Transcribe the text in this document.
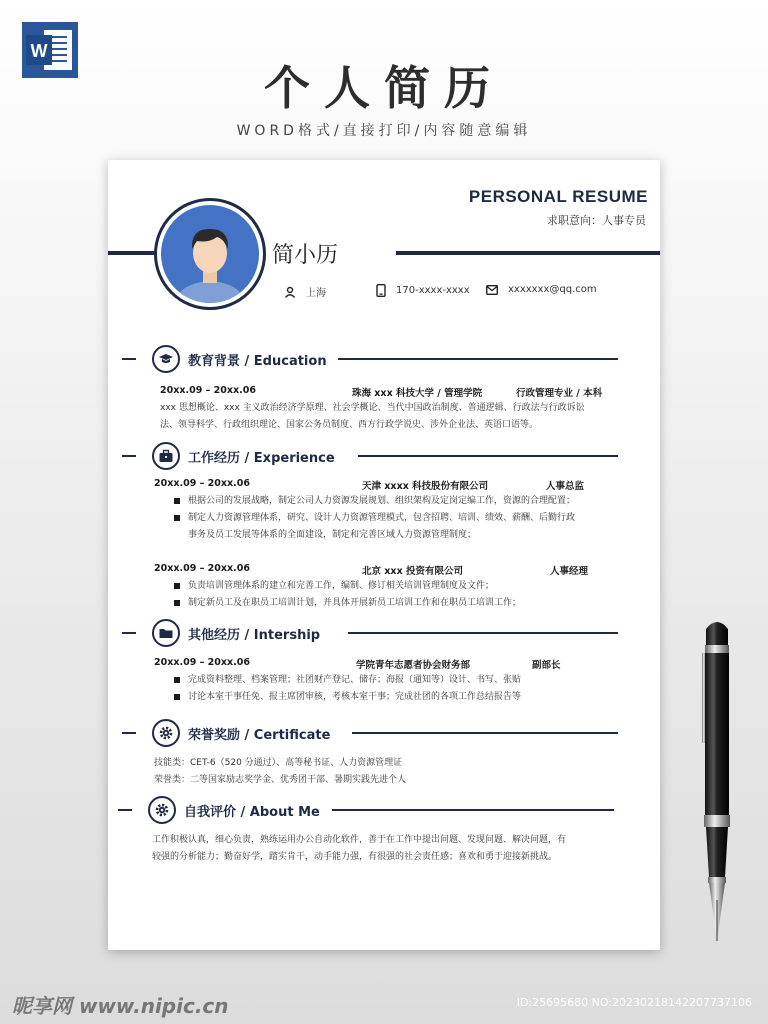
W
个人简历
WORD格式/直接打印/内容随意编辑
PERSONAL RESUME
求职意向：人事专员
简小历
上海	170-xxxx-xxxx	xxxxxxx@qq.com
教育背景 / Education
20xx.09 – 20xx.06	珠海 xxx 科技大学 / 管理学院	行政管理专业 / 本科
xxx 思想概论、xxx 主义政治经济学原理、社会学概论、当代中国政治制度、普通逻辑、行政法与行政诉讼
法、领导科学、行政组织理论、国家公务员制度、西方行政学说史、涉外企业法、英语口语等。
工作经历 / Experience
20xx.09 – 20xx.06	天津 xxxx 科技股份有限公司	人事总监
根据公司的发展战略，制定公司人力资源发展规划、组织架构及定岗定编工作，资源的合理配置；
制定人力资源管理体系，研究、设计人力资源管理模式，包含招聘、培训、绩效、薪酬、后勤行政
事务及员工发展等体系的全面建设，制定和完善区域人力资源管理制度；
20xx.09 – 20xx.06	北京 xxx 投资有限公司	人事经理
负责培训管理体系的建立和完善工作，编制、修订相关培训管理制度及文件；
制定新员工及在职员工培训计划，并具体开展新员工培训工作和在职员工培训工作；
其他经历 / Intership
20xx.09 – 20xx.06	学院青年志愿者协会财务部	副部长
完成资料整理、档案管理；社团财产登记、储存；海报（通知等）设计、书写、张贴
讨论本室干事任免、报主席团审核，考核本室干事；完成社团的各项工作总结报告等
荣誉奖励 / Certificate
技能类：CET-6（520 分通过）、高等秘书证、人力资源管理证
荣誉类：二等国家励志奖学金、优秀团干部、暑期实践先进个人
自我评价 / About Me
工作积极认真，细心负责，熟练运用办公自动化软件，善于在工作中提出问题、发现问题、解决问题，有
较强的分析能力；勤奋好学，踏实肯干，动手能力强，有很强的社会责任感；喜欢和勇于迎接新挑战。
昵享网 www.nipic.cn	ID:25695680 NO:20230218142207737106
